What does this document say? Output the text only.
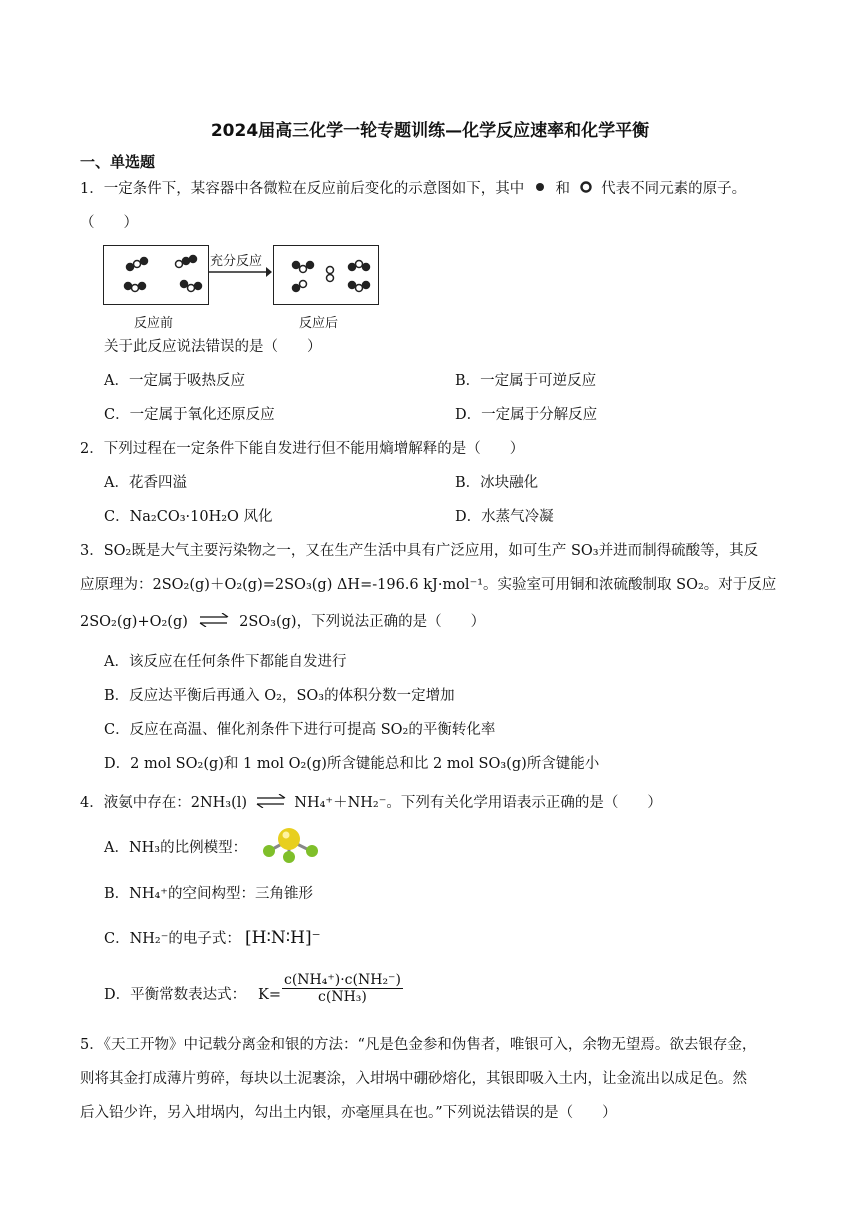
2024届高三化学一轮专题训练—化学反应速率和化学平衡
一、单选题
1．一定条件下，某容器中各微粒在反应前后变化的示意图如下，其中 和 代表不同元素的原子。
（　　）
充分反应
反应前	反应后
关于此反应说法错误的是（　　）
A．一定属于吸热反应	B．一定属于可逆反应
C．一定属于氧化还原反应	D．一定属于分解反应
2．下列过程在一定条件下能自发进行但不能用熵增解释的是（　　）
A．花香四溢	B．冰块融化
C．Na₂CO₃·10H₂O 风化	D．水蒸气冷凝
3．SO₂既是大气主要污染物之一，又在生产生活中具有广泛应用，如可生产 SO₃并进而制得硫酸等，其反
应原理为：2SO₂(g)＋O₂(g)=2SO₃(g) ΔH=-196.6 kJ·mol⁻¹。实验室可用铜和浓硫酸制取 SO₂。对于反应
2SO₂(g)+O₂(g) ⇌ 2SO₃(g)，下列说法正确的是（　　）
A．该反应在任何条件下都能自发进行
B．反应达平衡后再通入 O₂，SO₃的体积分数一定增加
C．反应在高温、催化剂条件下进行可提高 SO₂的平衡转化率
D．2 mol SO₂(g)和 1 mol O₂(g)所含键能总和比 2 mol SO₃(g)所含键能小
4．液氨中存在：2NH₃(l) ⇌ NH₄⁺＋NH₂⁻。下列有关化学用语表示正确的是（　　）
A．NH₃的比例模型：
B．NH₄⁺的空间构型：三角锥形
C．NH₂⁻的电子式： [H∶N∶H]⁻
D．平衡常数表达式： $K= \frac{\text{c(NH₄⁺)·c(NH₂⁻)}}{\text{c(NH₃)}}$
5．《天工开物》中记载分离金和银的方法：“凡是色金参和伪售者，唯银可入，余物无望焉。欲去银存金，
则将其金打成薄片剪碎，每块以土泥裹涂，入坩埚中硼砂熔化，其银即吸入土内，让金流出以成足色。然
后入铅少许，另入坩埚内，勾出土内银，亦毫厘具在也。”下列说法错误的是（　　）
